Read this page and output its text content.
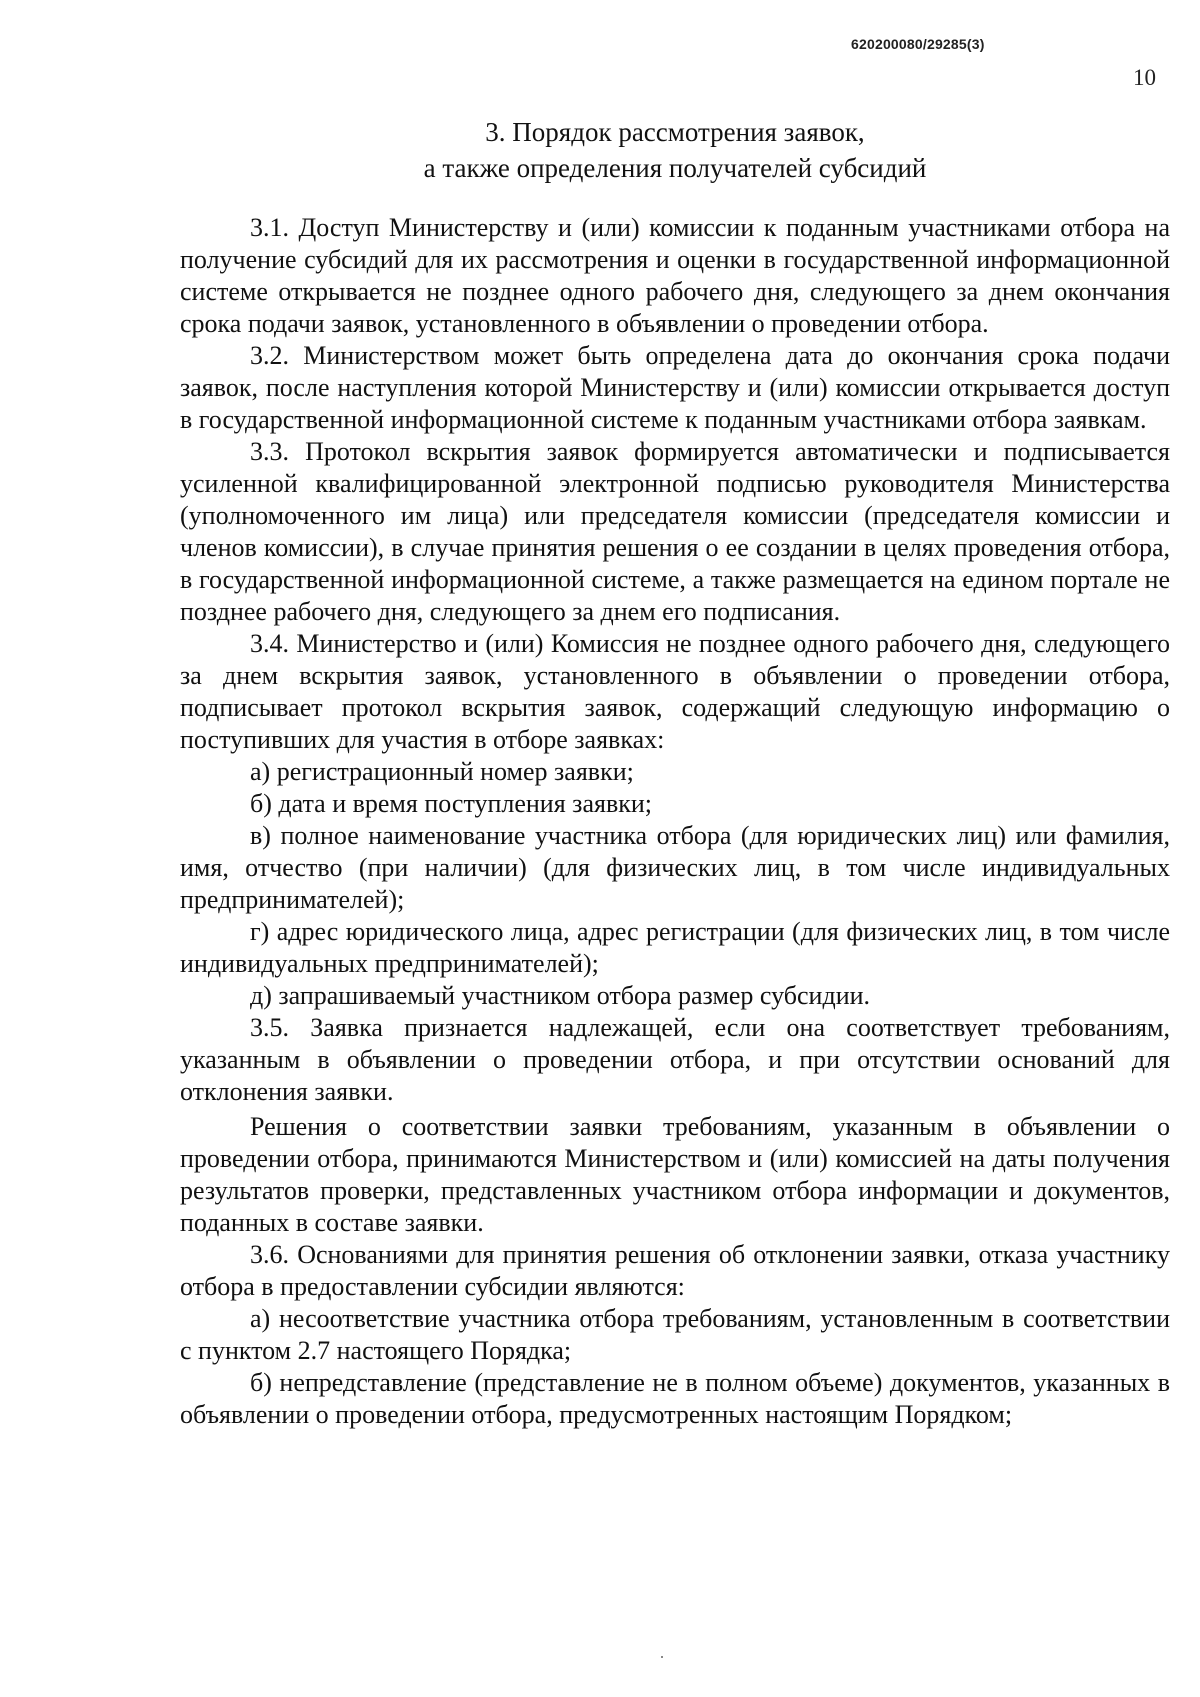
620200080/29285(3)
10
3. Порядок рассмотрения заявок,
а также определения получателей субсидий

3.1. Доступ Министерству и (или) комиссии к поданным участниками отбора на получение субсидий для их рассмотрения и оценки в государственной информационной системе открывается не позднее одного рабочего дня, следующего за днем окончания срока подачи заявок, установленного в объявлении о проведении отбора.

3.2. Министерством может быть определена дата до окончания срока подачи заявок, после наступления которой Министерству и (или) комиссии открывается доступ в государственной информационной системе к поданным участниками отбора заявкам.

3.3. Протокол вскрытия заявок формируется автоматически и подписывается усиленной квалифицированной электронной подписью руководителя Министерства (уполномоченного им лица) или председателя комиссии (председателя комиссии и членов комиссии), в случае принятия решения о ее создании в целях проведения отбора, в государственной информационной системе, а также размещается на едином портале не позднее рабочего дня, следующего за днем его подписания.

3.4. Министерство и (или) Комиссия не позднее одного рабочего дня, следующего за днем вскрытия заявок, установленного в объявлении о проведении отбора, подписывает протокол вскрытия заявок, содержащий следующую информацию о поступивших для участия в отборе заявках:

а) регистрационный номер заявки;

б) дата и время поступления заявки;

в) полное наименование участника отбора (для юридических лиц) или фамилия, имя, отчество (при наличии) (для физических лиц, в том числе индивидуальных предпринимателей);

г) адрес юридического лица, адрес регистрации (для физических лиц, в том числе индивидуальных предпринимателей);

д) запрашиваемый участником отбора размер субсидии.

3.5. Заявка признается надлежащей, если она соответствует требованиям, указанным в объявлении о проведении отбора, и при отсутствии оснований для отклонения заявки.

Решения о соответствии заявки требованиям, указанным в объявлении о проведении отбора, принимаются Министерством и (или) комиссией на даты получения результатов проверки, представленных участником отбора информации и документов, поданных в составе заявки.

3.6. Основаниями для принятия решения об отклонении заявки, отказа участнику отбора в предоставлении субсидии являются:

а) несоответствие участника отбора требованиям, установленным в соответствии с пунктом 2.7 настоящего Порядка;

б) непредставление (представление не в полном объеме) документов, указанных в объявлении о проведении отбора, предусмотренных настоящим Порядком;
